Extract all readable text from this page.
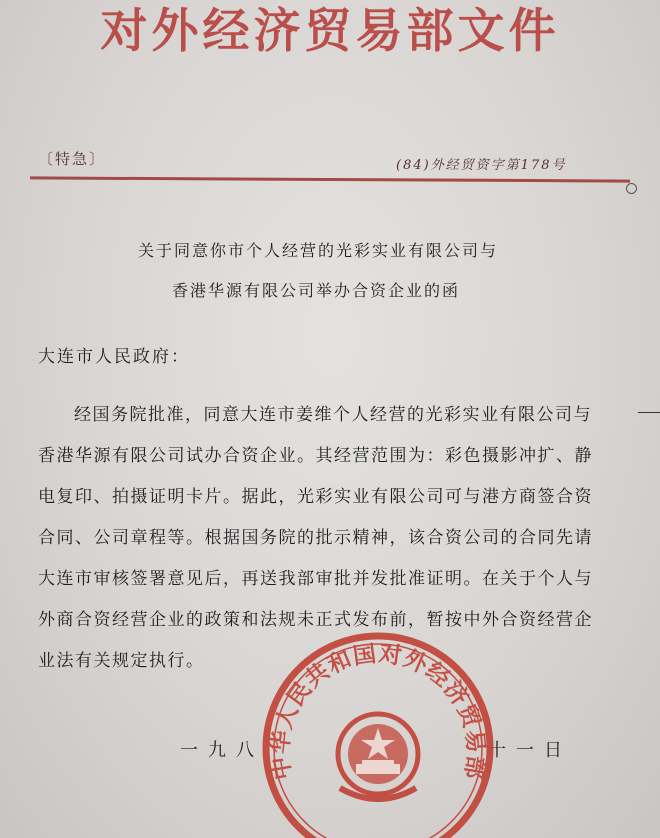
对外经济贸易部文件
〔特急〕	(84)外经贸资字第178号
关于同意你市个人经营的光彩实业有限公司与
香港华源有限公司举办合资企业的函
大连市人民政府：
经国务院批准，同意大连市姜维个人经营的光彩实业有限公司与
香港华源有限公司试办合资企业。其经营范围为：彩色摄影冲扩、静
电复印、拍摄证明卡片。据此，光彩实业有限公司可与港方商签合资
合同、公司章程等。根据国务院的批示精神，该合资公司的合同先请
大连市审核签署意见后，再送我部审批并发批准证明。在关于个人与
外商合资经营企业的政策和法规未正式发布前，暂按中外合资经营企
业法有关规定执行。
一九八	十一日
中华人民共和国对外经济贸易部
